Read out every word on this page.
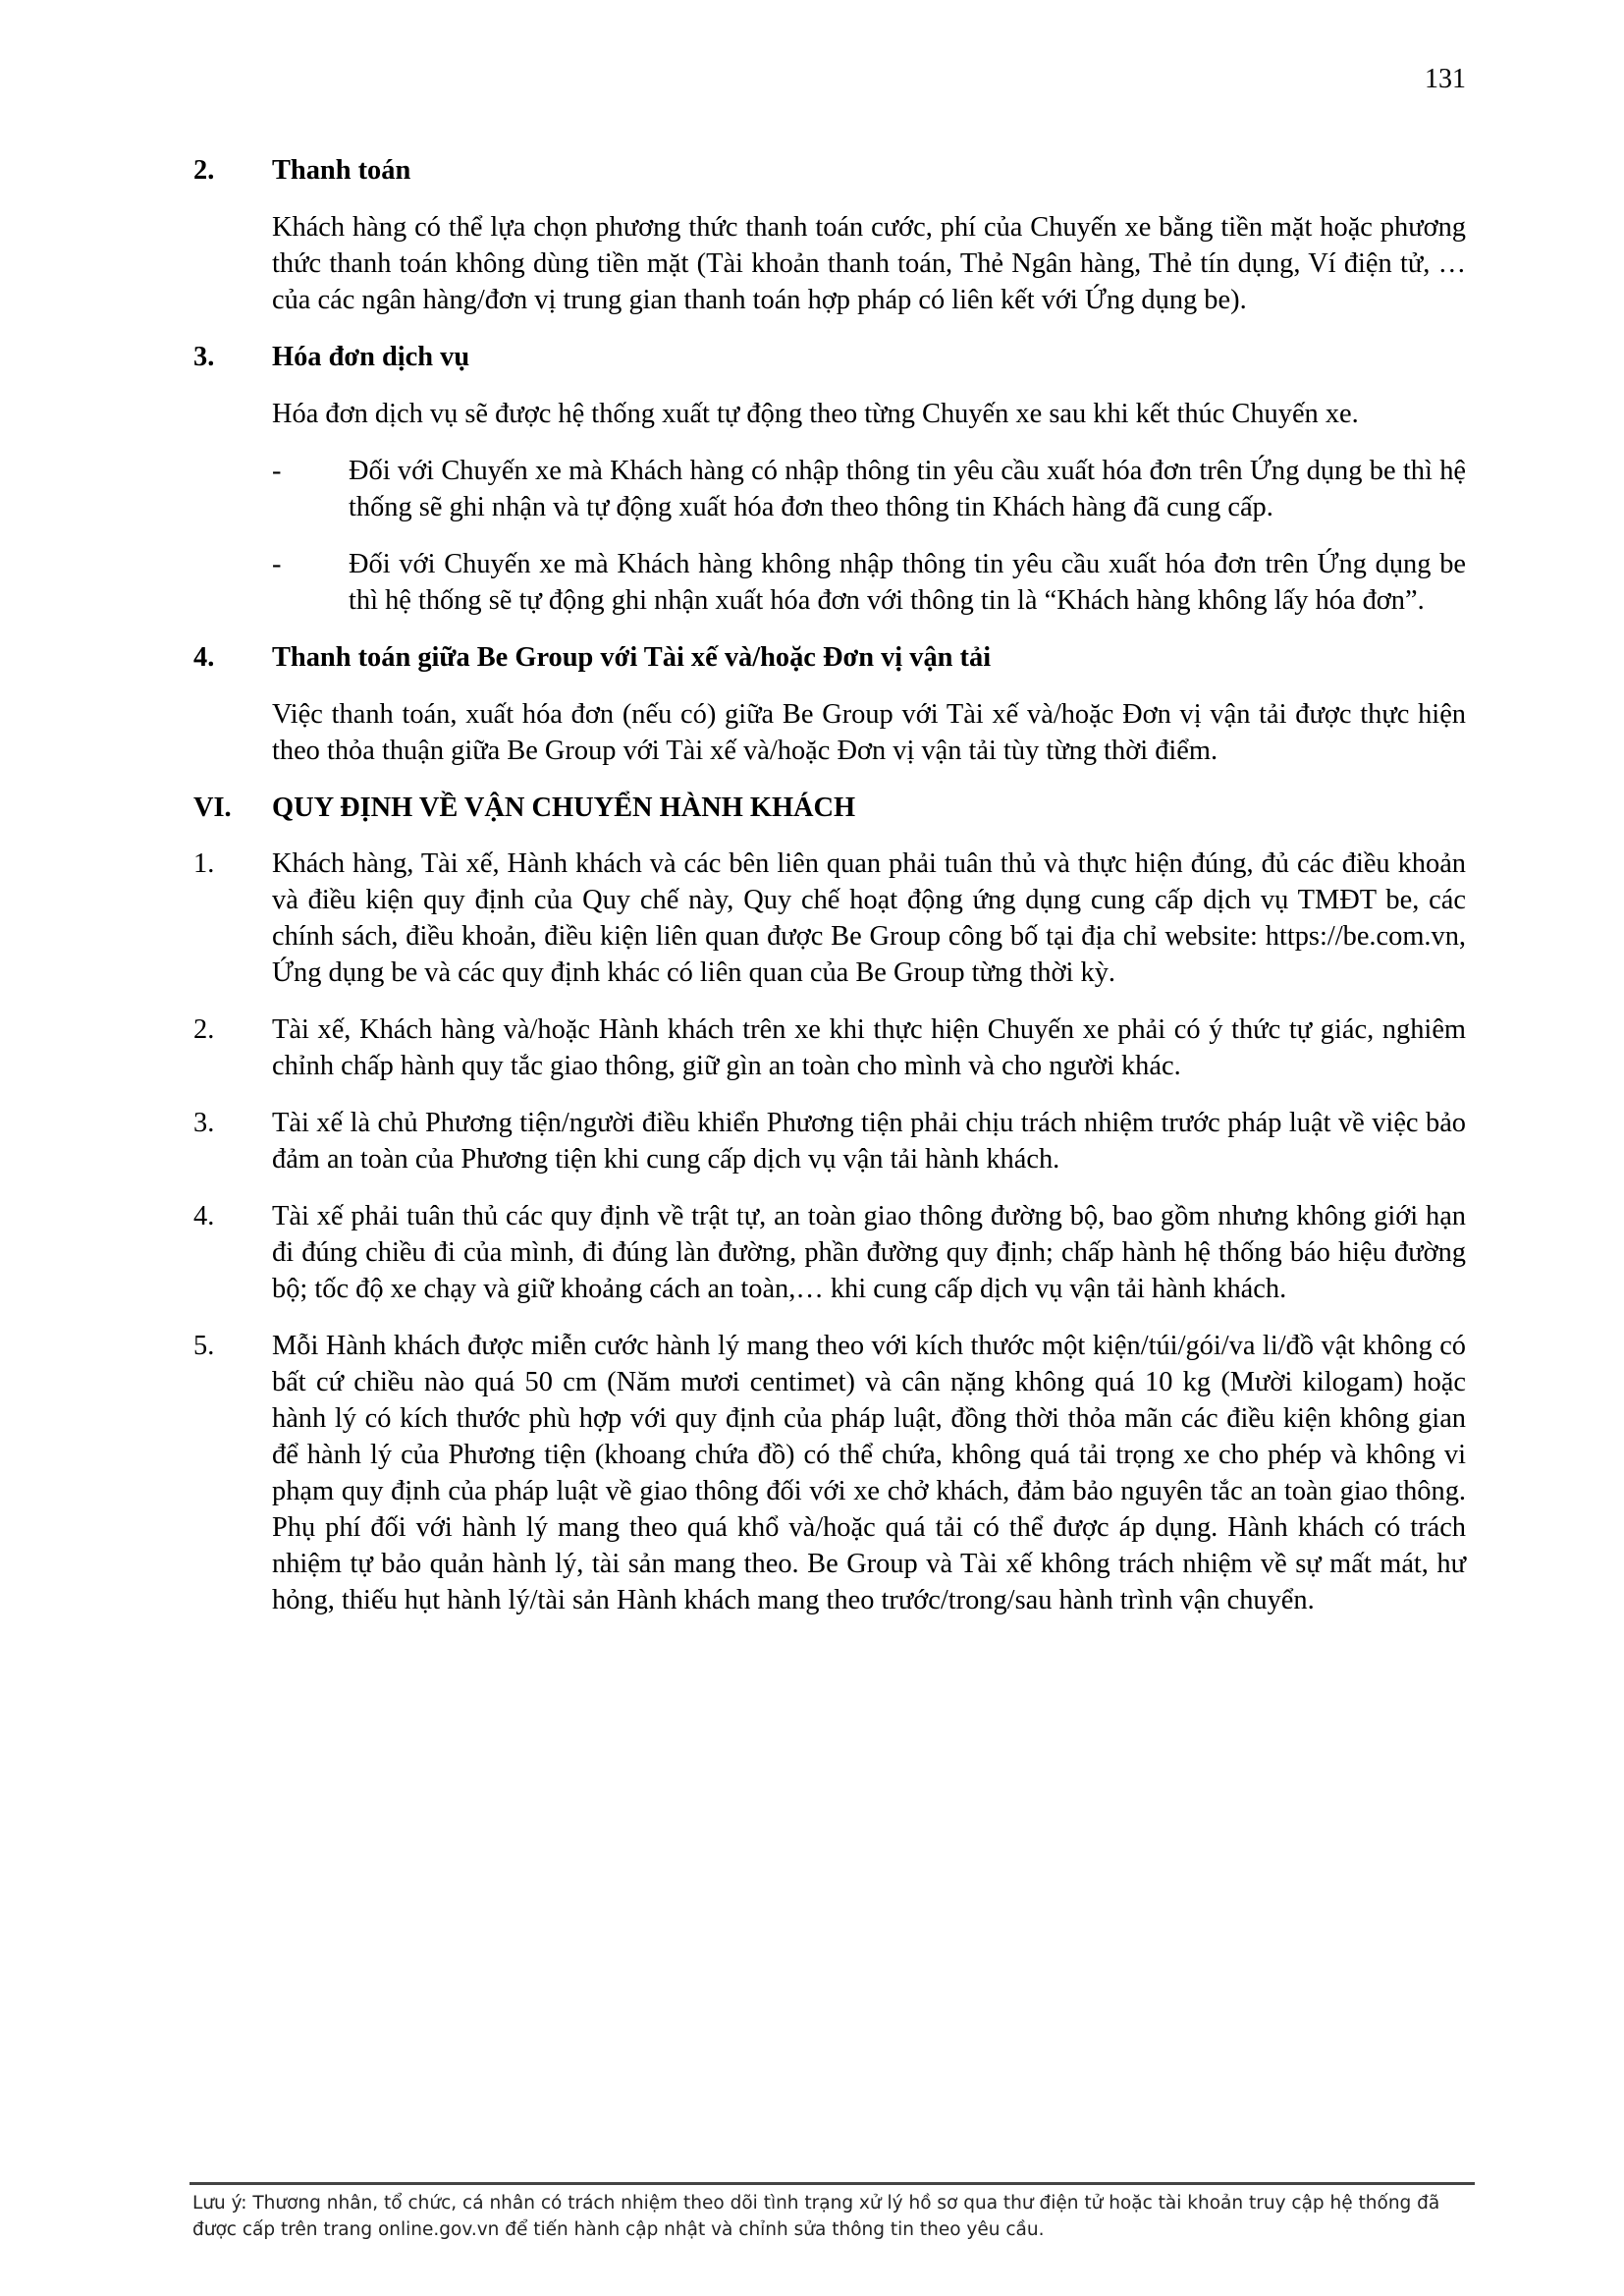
131
2. Thanh toán

Khách hàng có thể lựa chọn phương thức thanh toán cước, phí của Chuyến xe bằng tiền mặt hoặc phương thức thanh toán không dùng tiền mặt (Tài khoản thanh toán, Thẻ Ngân hàng, Thẻ tín dụng, Ví điện tử, …của các ngân hàng/đơn vị trung gian thanh toán hợp pháp có liên kết với Ứng dụng be).

3. Hóa đơn dịch vụ

Hóa đơn dịch vụ sẽ được hệ thống xuất tự động theo từng Chuyến xe sau khi kết thúc Chuyến xe.

- Đối với Chuyến xe mà Khách hàng có nhập thông tin yêu cầu xuất hóa đơn trên Ứng dụng be thì hệ thống sẽ ghi nhận và tự động xuất hóa đơn theo thông tin Khách hàng đã cung cấp.
- Đối với Chuyến xe mà Khách hàng không nhập thông tin yêu cầu xuất hóa đơn trên Ứng dụng be thì hệ thống sẽ tự động ghi nhận xuất hóa đơn với thông tin là “Khách hàng không lấy hóa đơn”.
4. Thanh toán giữa Be Group với Tài xế và/hoặc Đơn vị vận tải

Việc thanh toán, xuất hóa đơn (nếu có) giữa Be Group với Tài xế và/hoặc Đơn vị vận tải được thực hiện theo thỏa thuận giữa Be Group với Tài xế và/hoặc Đơn vị vận tải tùy từng thời điểm.

VI. QUY ĐỊNH VỀ VẬN CHUYỂN HÀNH KHÁCH
1. Khách hàng, Tài xế, Hành khách và các bên liên quan phải tuân thủ và thực hiện đúng, đủ các điều khoản và điều kiện quy định của Quy chế này, Quy chế hoạt động ứng dụng cung cấp dịch vụ TMĐT be, các chính sách, điều khoản, điều kiện liên quan được Be Group công bố tại địa chỉ website: https://be.com.vn, Ứng dụng be và các quy định khác có liên quan của Be Group từng thời kỳ.
2. Tài xế, Khách hàng và/hoặc Hành khách trên xe khi thực hiện Chuyến xe phải có ý thức tự giác, nghiêm chỉnh chấp hành quy tắc giao thông, giữ gìn an toàn cho mình và cho người khác.
3. Tài xế là chủ Phương tiện/người điều khiển Phương tiện phải chịu trách nhiệm trước pháp luật về việc bảo đảm an toàn của Phương tiện khi cung cấp dịch vụ vận tải hành khách.
4. Tài xế phải tuân thủ các quy định về trật tự, an toàn giao thông đường bộ, bao gồm nhưng không giới hạn đi đúng chiều đi của mình, đi đúng làn đường, phần đường quy định; chấp hành hệ thống báo hiệu đường bộ; tốc độ xe chạy và giữ khoảng cách an toàn,… khi cung cấp dịch vụ vận tải hành khách.
5. Mỗi Hành khách được miễn cước hành lý mang theo với kích thước một kiện/túi/gói/va li/đồ vật không có bất cứ chiều nào quá 50 cm (Năm mươi centimet) và cân nặng không quá 10 kg (Mười kilogam) hoặc hành lý có kích thước phù hợp với quy định của pháp luật, đồng thời thỏa mãn các điều kiện không gian để hành lý của Phương tiện (khoang chứa đồ) có thể chứa, không quá tải trọng xe cho phép và không vi phạm quy định của pháp luật về giao thông đối với xe chở khách, đảm bảo nguyên tắc an toàn giao thông. Phụ phí đối với hành lý mang theo quá khổ và/hoặc quá tải có thể được áp dụng. Hành khách có trách nhiệm tự bảo quản hành lý, tài sản mang theo. Be Group và Tài xế không trách nhiệm về sự mất mát, hư hỏng, thiếu hụt hành lý/tài sản Hành khách mang theo trước/trong/sau hành trình vận chuyển.
Lưu ý: Thương nhân, tổ chức, cá nhân có trách nhiệm theo dõi tình trạng xử lý hồ sơ qua thư điện tử hoặc tài khoản truy cập hệ thống đã được cấp trên trang online.gov.vn để tiến hành cập nhật và chỉnh sửa thông tin theo yêu cầu.
